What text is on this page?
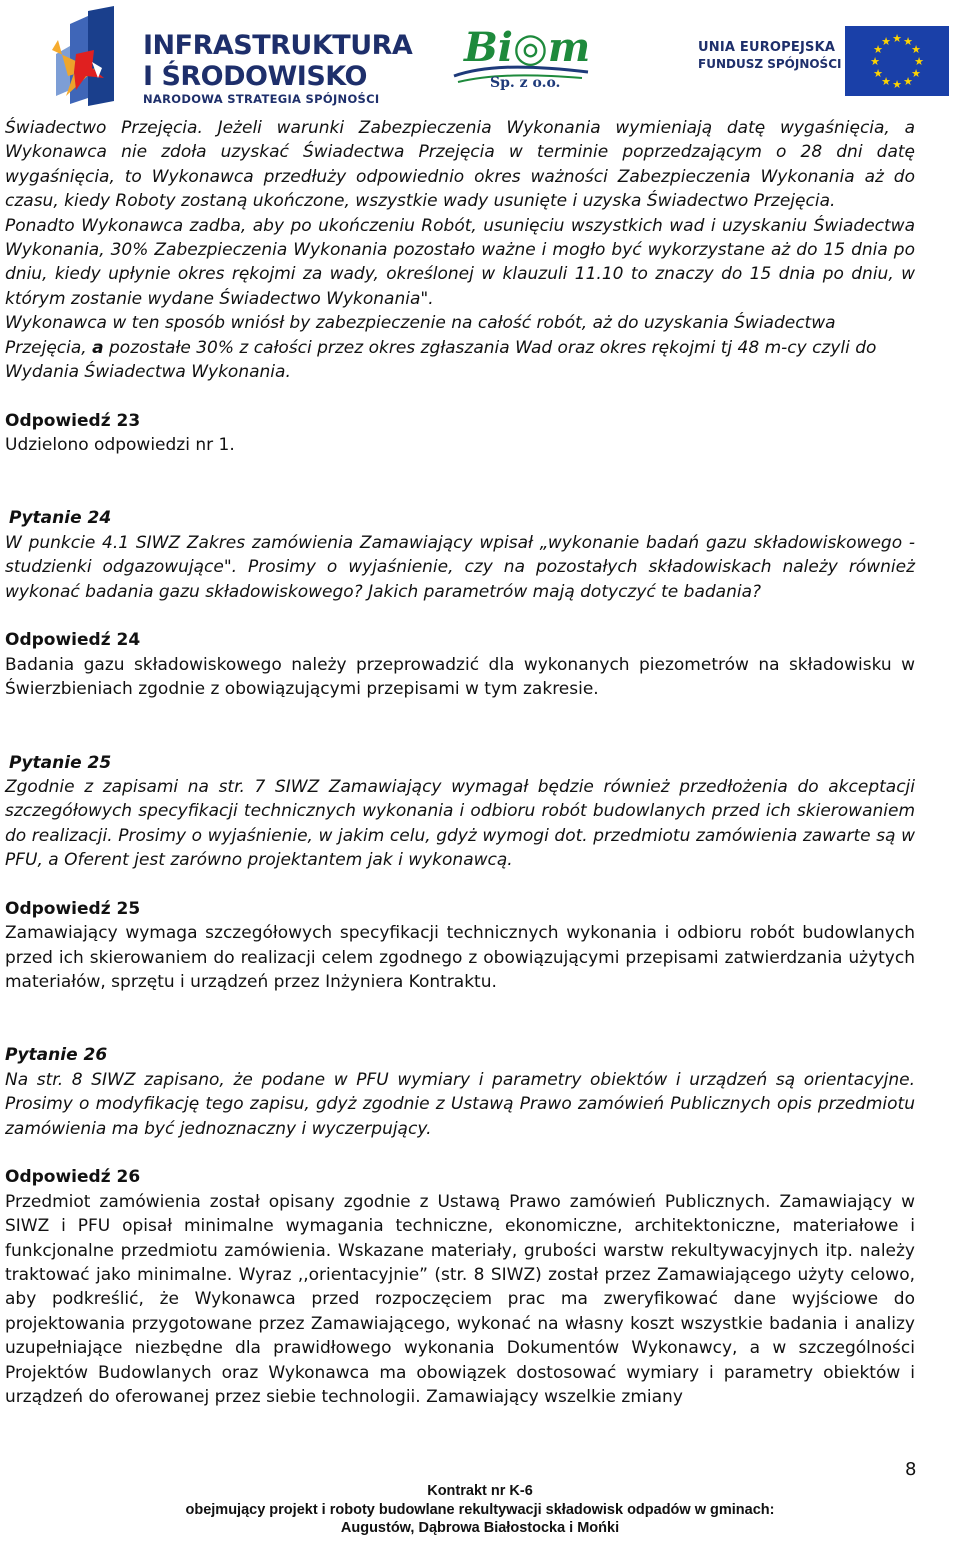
INFRASTRUKTURA
I ŚRODOWISKO
NARODOWA STRATEGIA SPÓJNOŚCI
Bi◎m
Sp. z o.o.
UNIA EUROPEJSKA
FUNDUSZ SPÓJNOŚCI
★ ★
★
★
★
★
★
★
★
★
★
★

Świadectwo Przejęcia. Jeżeli warunki Zabezpieczenia Wykonania wymieniają datę wygaśnięcia, a Wykonawca nie zdoła uzyskać Świadectwa Przejęcia w terminie poprzedzającym o 28 dni datę wygaśnięcia, to Wykonawca przedłuży odpowiednio okres ważności Zabezpieczenia Wykonania aż do czasu, kiedy Roboty zostaną ukończone, wszystkie wady usunięte i uzyska Świadectwo Przejęcia.

Ponadto Wykonawca zadba, aby po ukończeniu Robót, usunięciu wszystkich wad i uzyskaniu Świadectwa Wykonania, 30% Zabezpieczenia Wykonania pozostało ważne i mogło być wykorzystane aż do 15 dnia po dniu, kiedy upłynie okres rękojmi za wady, określonej w klauzuli 11.10 to znaczy do 15 dnia po dniu, w którym zostanie wydane Świadectwo Wykonania".

Wykonawca w ten sposób wniósł by zabezpieczenie na całość robót, aż do uzyskania Świadectwa Przejęcia, a pozostałe 30% z całości przez okres zgłaszania Wad oraz okres rękojmi tj 48 m-cy czyli do Wydania Świadectwa Wykonania.

Odpowiedź 23

Udzielono odpowiedzi nr 1.

Pytanie 24

W punkcie 4.1 SIWZ Zakres zamówienia Zamawiający wpisał „wykonanie badań gazu składowiskowego - studzienki odgazowujące". Prosimy o wyjaśnienie, czy na pozostałych składowiskach należy również wykonać badania gazu składowiskowego? Jakich parametrów mają dotyczyć te badania?

Odpowiedź 24

Badania gazu składowiskowego należy przeprowadzić dla wykonanych piezometrów na składowisku w Świerzbieniach zgodnie z obowiązującymi przepisami w tym zakresie.

Pytanie 25

Zgodnie z zapisami na str. 7 SIWZ Zamawiający wymagał będzie również przedłożenia do akceptacji szczegółowych specyfikacji technicznych wykonania i odbioru robót budowlanych przed ich skierowaniem do realizacji. Prosimy o wyjaśnienie, w jakim celu, gdyż wymogi dot. przedmiotu zamówienia zawarte są w PFU, a Oferent jest zarówno projektantem jak i wykonawcą.

Odpowiedź 25

Zamawiający wymaga szczegółowych specyfikacji technicznych wykonania i odbioru robót budowlanych przed ich skierowaniem do realizacji celem zgodnego z obowiązującymi przepisami zatwierdzania użytych materiałów, sprzętu i urządzeń przez Inżyniera Kontraktu.

Pytanie 26

Na str. 8 SIWZ zapisano, że podane w PFU wymiary i parametry obiektów i urządzeń są orientacyjne. Prosimy o modyfikację tego zapisu, gdyż zgodnie z Ustawą Prawo zamówień Publicznych opis przedmiotu zamówienia ma być jednoznaczny i wyczerpujący.

Odpowiedź 26

Przedmiot zamówienia został opisany zgodnie z Ustawą Prawo zamówień Publicznych. Zamawiający w SIWZ i PFU opisał minimalne wymagania techniczne, ekonomiczne, architektoniczne, materiałowe i funkcjonalne przedmiotu zamówienia. Wskazane materiały, grubości warstw rekultywacyjnych itp. należy traktować jako minimalne. Wyraz ,,orientacyjnie” (str. 8 SIWZ) został przez Zamawiającego użyty celowo, aby podkreślić, że Wykonawca przed rozpoczęciem prac ma zweryfikować dane wyjściowe do projektowania przygotowane przez Zamawiającego, wykonać na własny koszt wszystkie badania i analizy uzupełniające niezbędne dla prawidłowego wykonania Dokumentów Wykonawcy, a w szczególności Projektów Budowlanych oraz Wykonawca ma obowiązek dostosować wymiary i parametry obiektów i urządzeń do oferowanej przez siebie technologii. Zamawiający wszelkie zmiany

8
Kontrakt nr K-6
obejmujący projekt i roboty budowlane rekultywacji składowisk odpadów w gminach:
Augustów, Dąbrowa Białostocka i Mońki
